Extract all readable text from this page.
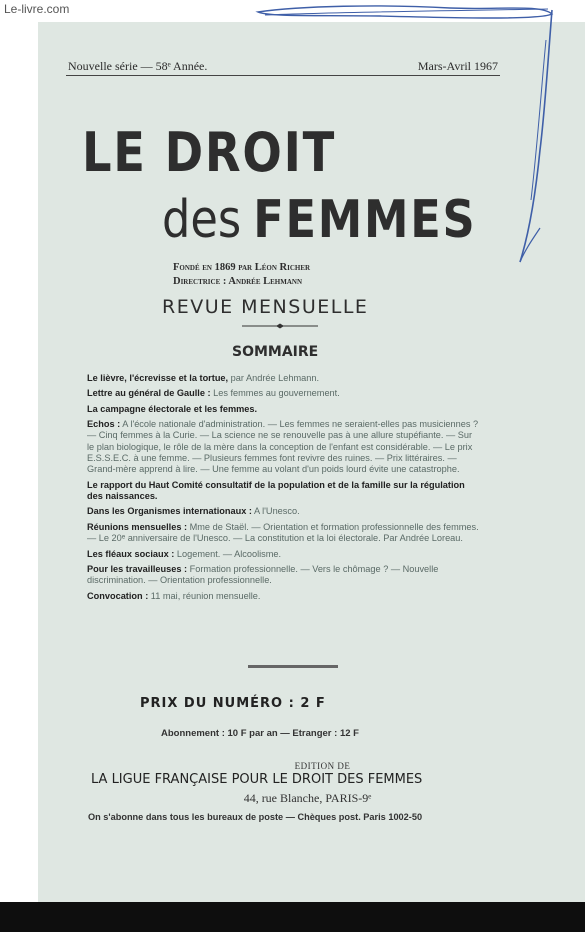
Le-livre.com
Nouvelle série — 58ᵉ Année.	Mars-Avril 1967
LE DROIT
des FEMMES
Fondé en 1869 par Léon Richer
Directrice : Andrée Lehmann
REVUE MENSUELLE
SOMMAIRE

Le lièvre, l'écrevisse et la tortue, par Andrée Lehmann.

Lettre au général de Gaulle : Les femmes au gouvernement.

La campagne électorale et les femmes.

Echos : A l'école nationale d'administration. — Les femmes ne seraient-elles pas musiciennes ? — Cinq femmes à la Curie. — La science ne se renouvelle pas à une allure stupéfiante. — Sur le plan biologique, le rôle de la mère dans la conception de l'enfant est considérable. — Le prix E.S.S.E.C. à une femme. — Plusieurs femmes font revivre des ruines. — Prix littéraires. — Grand-mère apprend à lire. — Une femme au volant d'un poids lourd évite une catastrophe.

Le rapport du Haut Comité consultatif de la population et de la famille sur la régulation des naissances.

Dans les Organismes internationaux : A l'Unesco.

Réunions mensuelles : Mme de Staël. — Orientation et formation professionnelle des femmes. — Le 20ᵉ anniversaire de l'Unesco. — La constitution et la loi électorale. Par Andrée Loreau.

Les fléaux sociaux : Logement. — Alcoolisme.

Pour les travailleuses : Formation professionnelle. — Vers le chômage ? — Nouvelle discrimination. — Orientation professionnelle.

Convocation : 11 mai, réunion mensuelle.

PRIX DU NUMÉRO : 2 F
Abonnement : 10 F par an — Etranger : 12 F
EDITION DE
LA LIGUE FRANÇAISE POUR LE DROIT DES FEMMES
44, rue Blanche, PARIS-9ᵉ
On s'abonne dans tous les bureaux de poste — Chèques post. Paris 1002-50
